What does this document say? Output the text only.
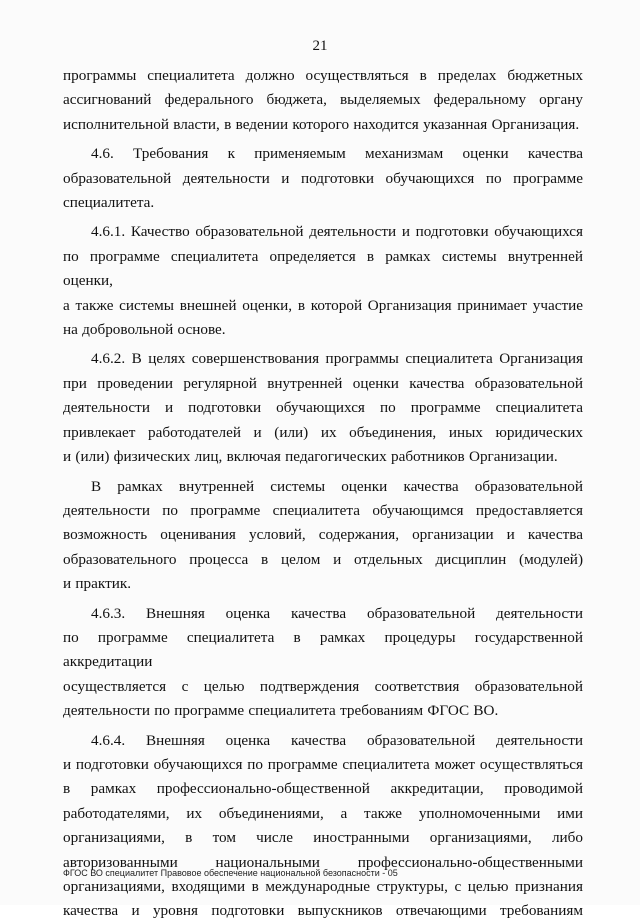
21

программы специалитета должно осуществляться в пределах бюджетных
ассигнований федерального бюджета, выделяемых федеральному органу
исполнительной власти, в ведении которого находится указанная Организация.

4.6. Требования к применяемым механизмам оценки качества
образовательной деятельности и подготовки обучающихся по программе
специалитета.

4.6.1. Качество образовательной деятельности и подготовки обучающихся
по программе специалитета определяется в рамках системы внутренней оценки,
а также системы внешней оценки, в которой Организация принимает участие
на добровольной основе.

4.6.2. В целях совершенствования программы специалитета Организация
при проведении регулярной внутренней оценки качества образовательной
деятельности и подготовки обучающихся по программе специалитета
привлекает работодателей и (или) их объединения, иных юридических
и (или) физических лиц, включая педагогических работников Организации.

В рамках внутренней системы оценки качества образовательной
деятельности по программе специалитета обучающимся предоставляется
возможность оценивания условий, содержания, организации и качества
образовательного процесса в целом и отдельных дисциплин (модулей)
и практик.

4.6.3. Внешняя оценка качества образовательной деятельности
по программе специалитета в рамках процедуры государственной аккредитации
осуществляется с целью подтверждения соответствия образовательной
деятельности по программе специалитета требованиям ФГОС ВО.

4.6.4. Внешняя оценка качества образовательной деятельности
и подготовки обучающихся по программе специалитета может осуществляться
в рамках профессионально-общественной аккредитации, проводимой
работодателями, их объединениями, а также уполномоченными ими
организациями, в том числе иностранными организациями, либо
авторизованными национальными профессионально-общественными
организациями, входящими в международные структуры, с целью признания
качества и уровня подготовки выпускников отвечающими требованиям

ФГОС ВО специалитет Правовое обеспечение национальной безопасности - 05
